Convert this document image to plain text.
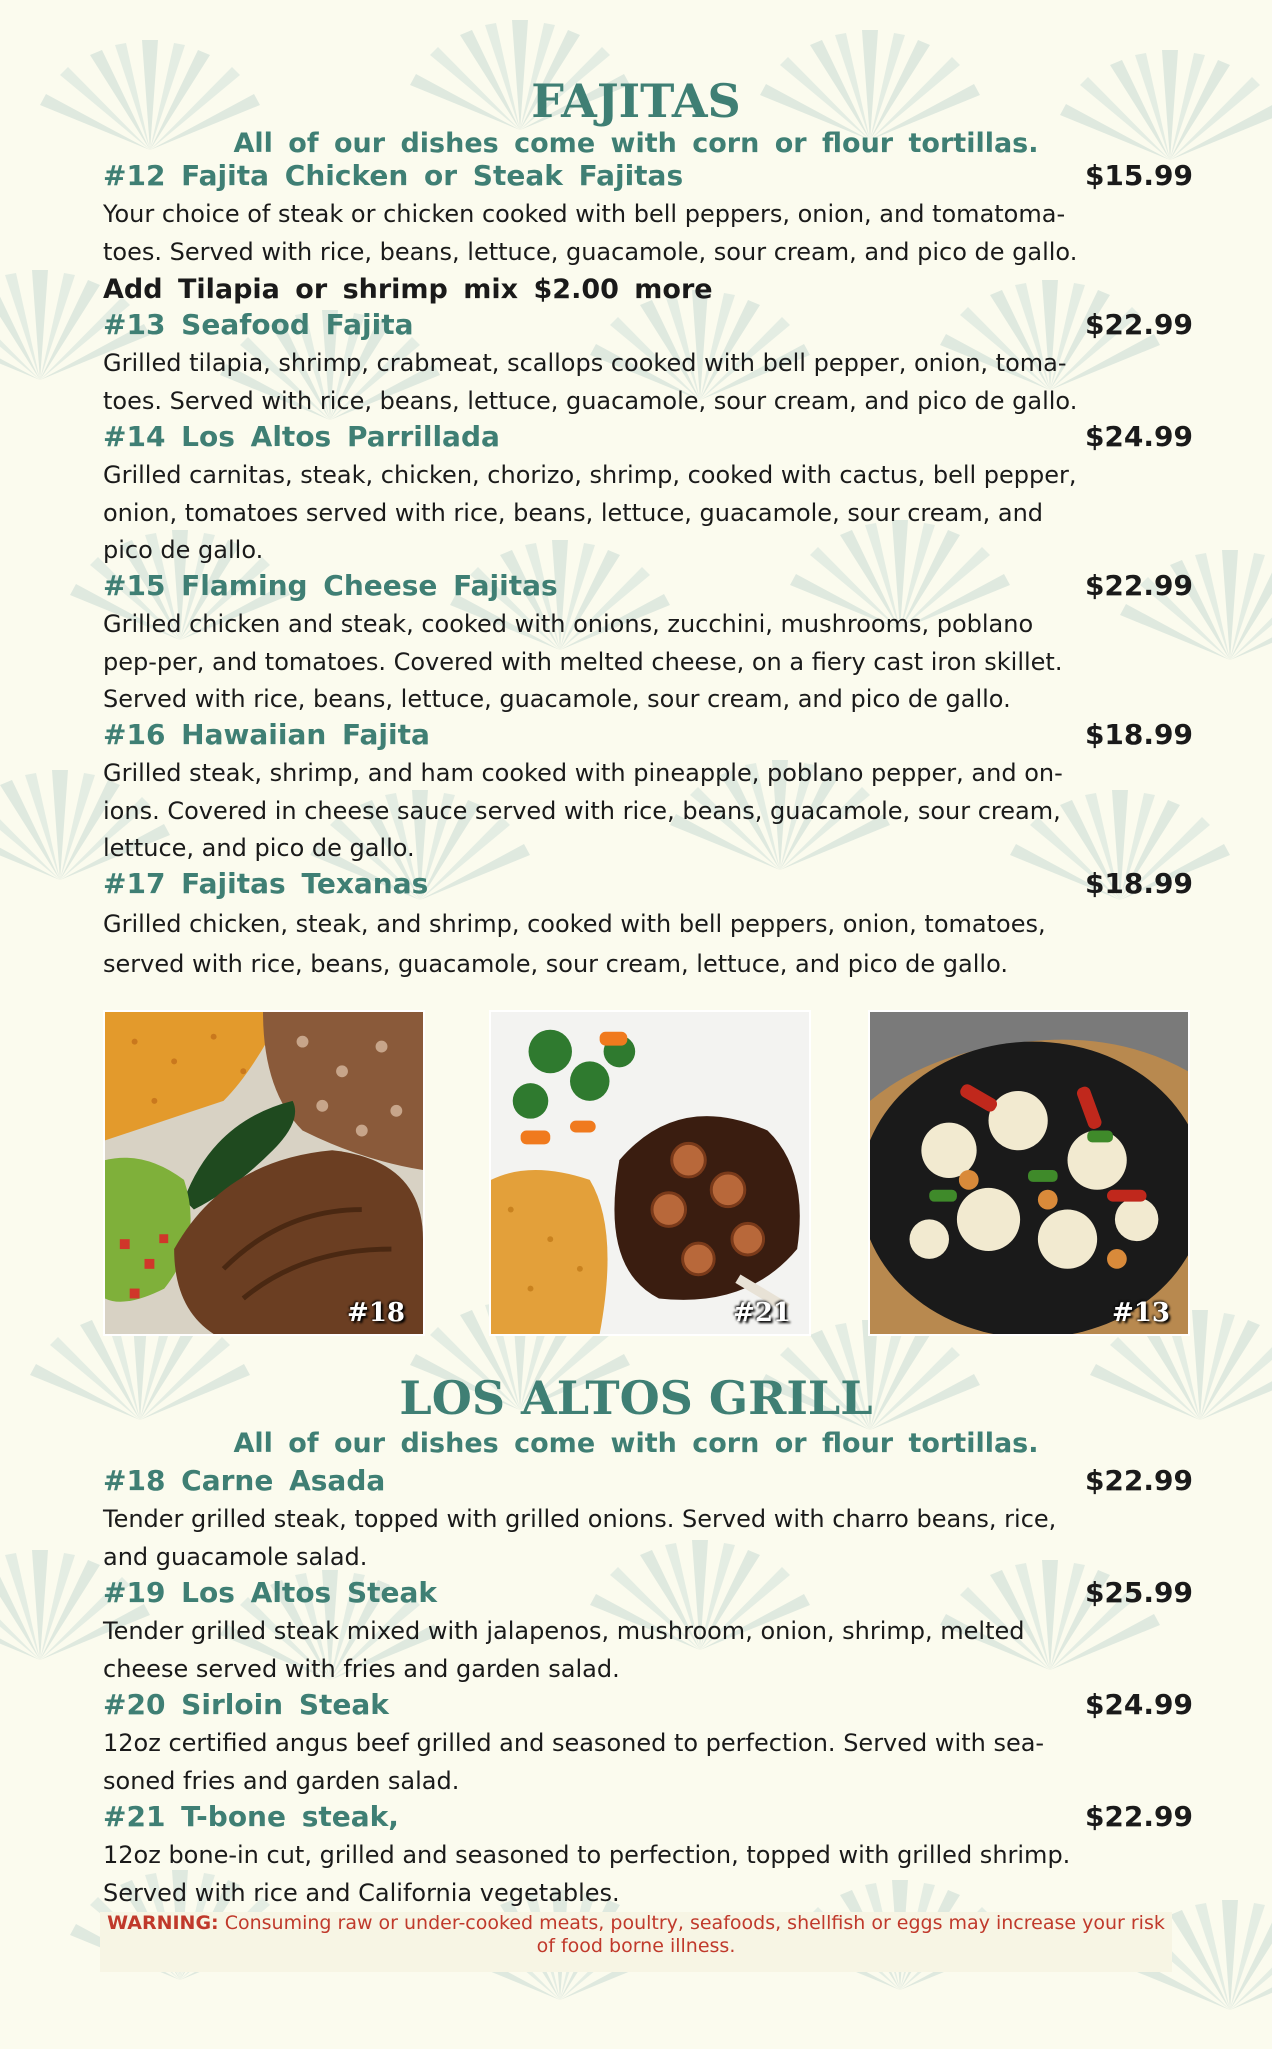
FAJITAS

All of our dishes come with corn or flour tortillas.

#12 Fajita Chicken or Steak Fajitas	$15.99

Your choice of steak or chicken cooked with bell peppers, onion, and tomatoma-toes. Served with rice, beans, lettuce, guacamole, sour cream, and pico de gallo.

Add Tilapia or shrimp mix $2.00 more

#13 Seafood Fajita	$22.99

Grilled tilapia, shrimp, crabmeat, scallops cooked with bell pepper, onion, toma-toes. Served with rice, beans, lettuce, guacamole, sour cream, and pico de gallo.

#14 Los Altos Parrillada	$24.99

Grilled carnitas, steak, chicken, chorizo, shrimp, cooked with cactus, bell pepper, onion, tomatoes served with rice, beans, lettuce, guacamole, sour cream, and pico de gallo.

#15 Flaming Cheese Fajitas	$22.99

Grilled chicken and steak, cooked with onions, zucchini, mushrooms, poblano pep-per, and tomatoes. Covered with melted cheese, on a fiery cast iron skillet. Served with rice, beans, lettuce, guacamole, sour cream, and pico de gallo.

#16 Hawaiian Fajita	$18.99

Grilled steak, shrimp, and ham cooked with pineapple, poblano pepper, and on-ions. Covered in cheese sauce served with rice, beans, guacamole, sour cream, lettuce, and pico de gallo.

#17 Fajitas Texanas	$18.99

Grilled chicken, steak, and shrimp, cooked with bell peppers, onion, tomatoes, served with rice, beans, guacamole, sour cream, lettuce, and pico de gallo.

#18	#21	#13
LOS ALTOS GRILL

All of our dishes come with corn or flour tortillas.

#18 Carne Asada	$22.99

Tender grilled steak, topped with grilled onions. Served with charro beans, rice, and guacamole salad.

#19 Los Altos Steak	$25.99

Tender grilled steak mixed with jalapenos, mushroom, onion, shrimp, melted cheese served with fries and garden salad.

#20 Sirloin Steak	$24.99

12oz certified angus beef grilled and seasoned to perfection. Served with sea-soned fries and garden salad.

#21 T-bone steak,	$22.99

12oz bone-in cut, grilled and seasoned to perfection, topped with grilled shrimp. Served with rice and California vegetables.

WARNING: Consuming raw or under-cooked meats, poultry, seafoods, shellfish or eggs may increase your risk of food borne illness.
